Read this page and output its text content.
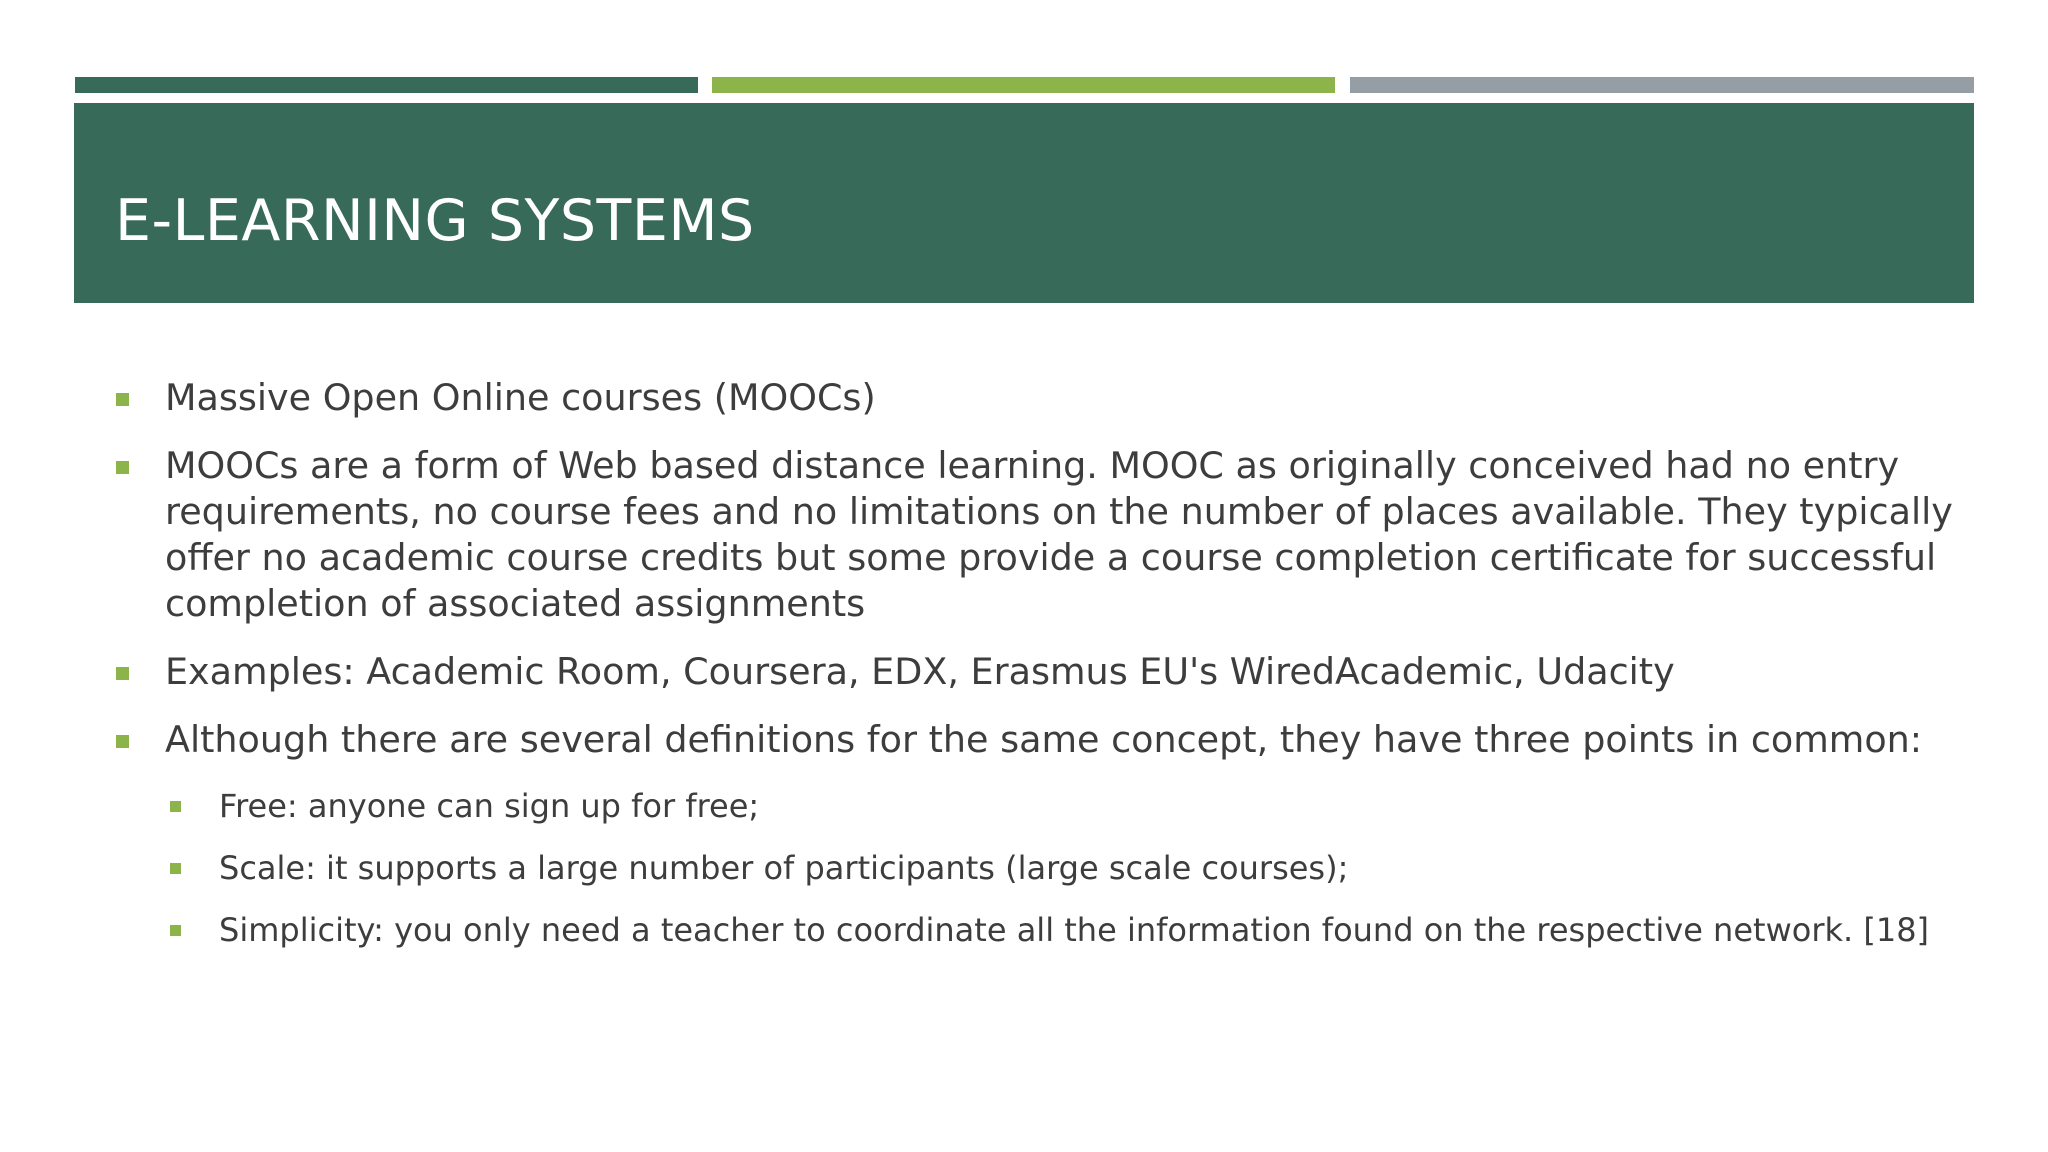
E-LEARNING SYSTEMS
Massive Open Online courses (MOOCs)
MOOCs are a form of Web based distance learning. MOOC as originally conceived had no entry requirements, no course fees and no limitations on the number of places available. They typically offer no academic course credits but some provide a course completion certificate for successful completion of associated assignments
Examples: Academic Room, Coursera, EDX, Erasmus EU's WiredAcademic, Udacity
Although there are several definitions for the same concept, they have three points in common:
Free: anyone can sign up for free;
Scale: it supports a large number of participants (large scale courses);
Simplicity: you only need a teacher to coordinate all the information found on the respective network. [18]
